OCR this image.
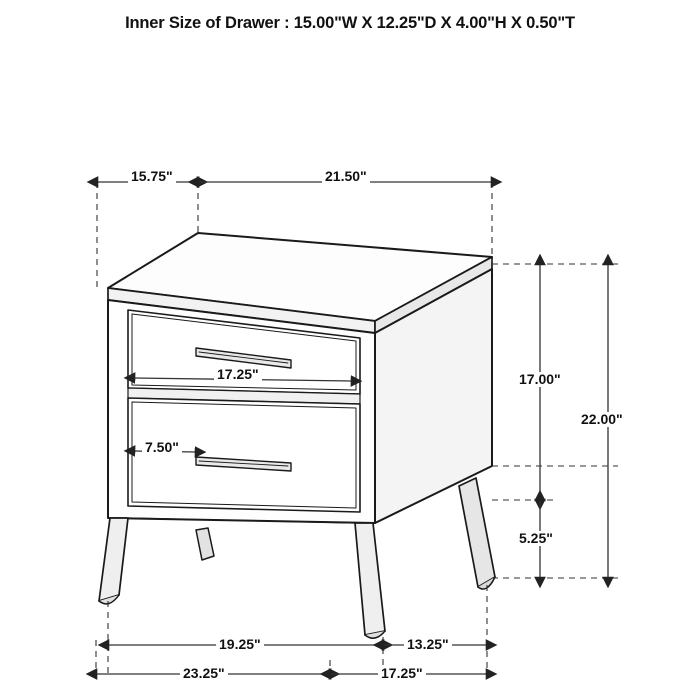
Inner Size of Drawer : 15.00"W X 12.25"D X 4.00"H X 0.50"T
15.75"	21.50"
17.25"
7.50"
17.00"
22.00"
5.25"
19.25"	13.25"
23.25"	17.25"
